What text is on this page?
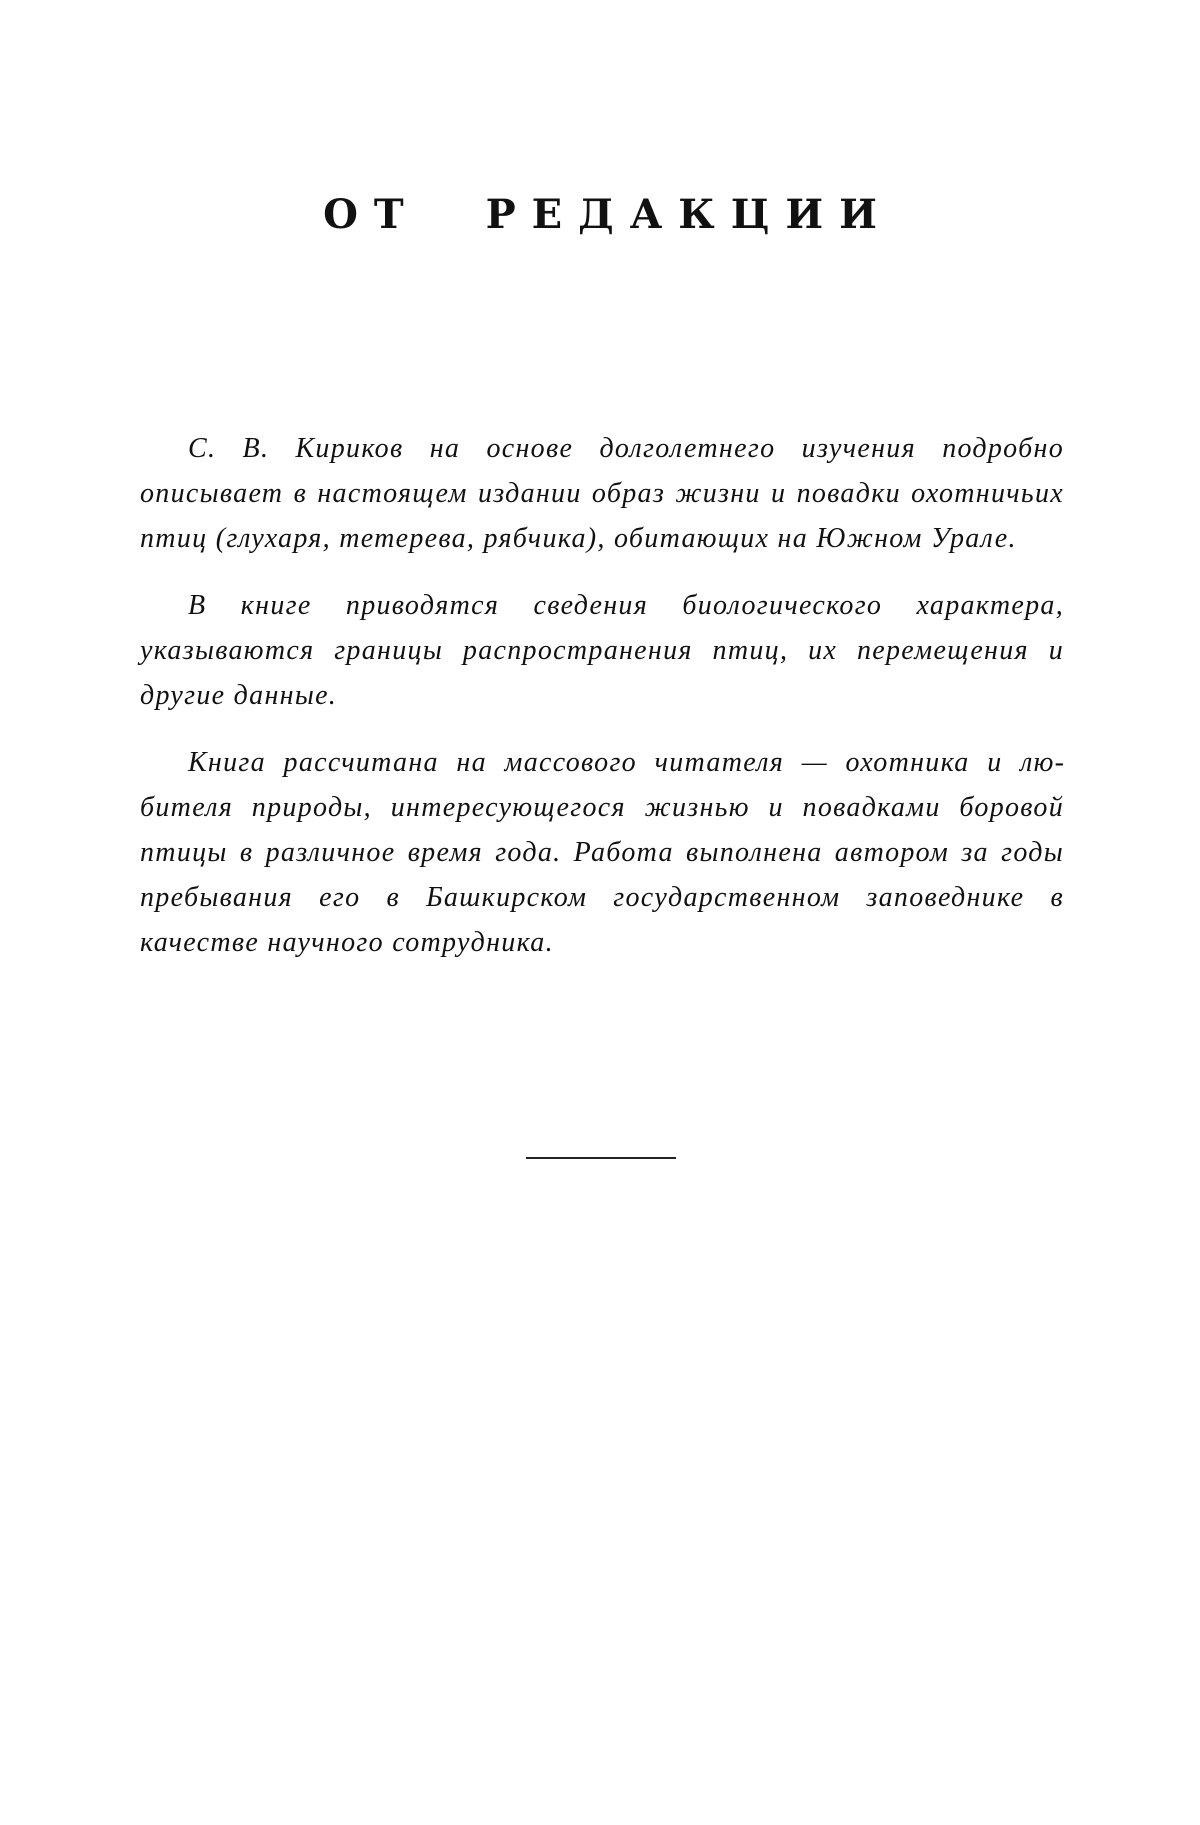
ОТ РЕДАКЦИИ

С. В. Кириков на основе долголетнего изучения подробно описывает в настоящем издании образ жизни и повадки охотничьих птиц (глухаря, тетерева, рябчика), обитающих на Южном Урале.

В книге приводятся сведения биологического характера, указываются границы распространения птиц, их перемещения и другие данные.

Книга рассчитана на массового читателя — охотника и любителя природы, интересующегося жизнью и повадками боровой птицы в различное время года. Работа выполнена автором за годы пребывания его в Башкирском государственном заповеднике в качестве научного сотрудника.
